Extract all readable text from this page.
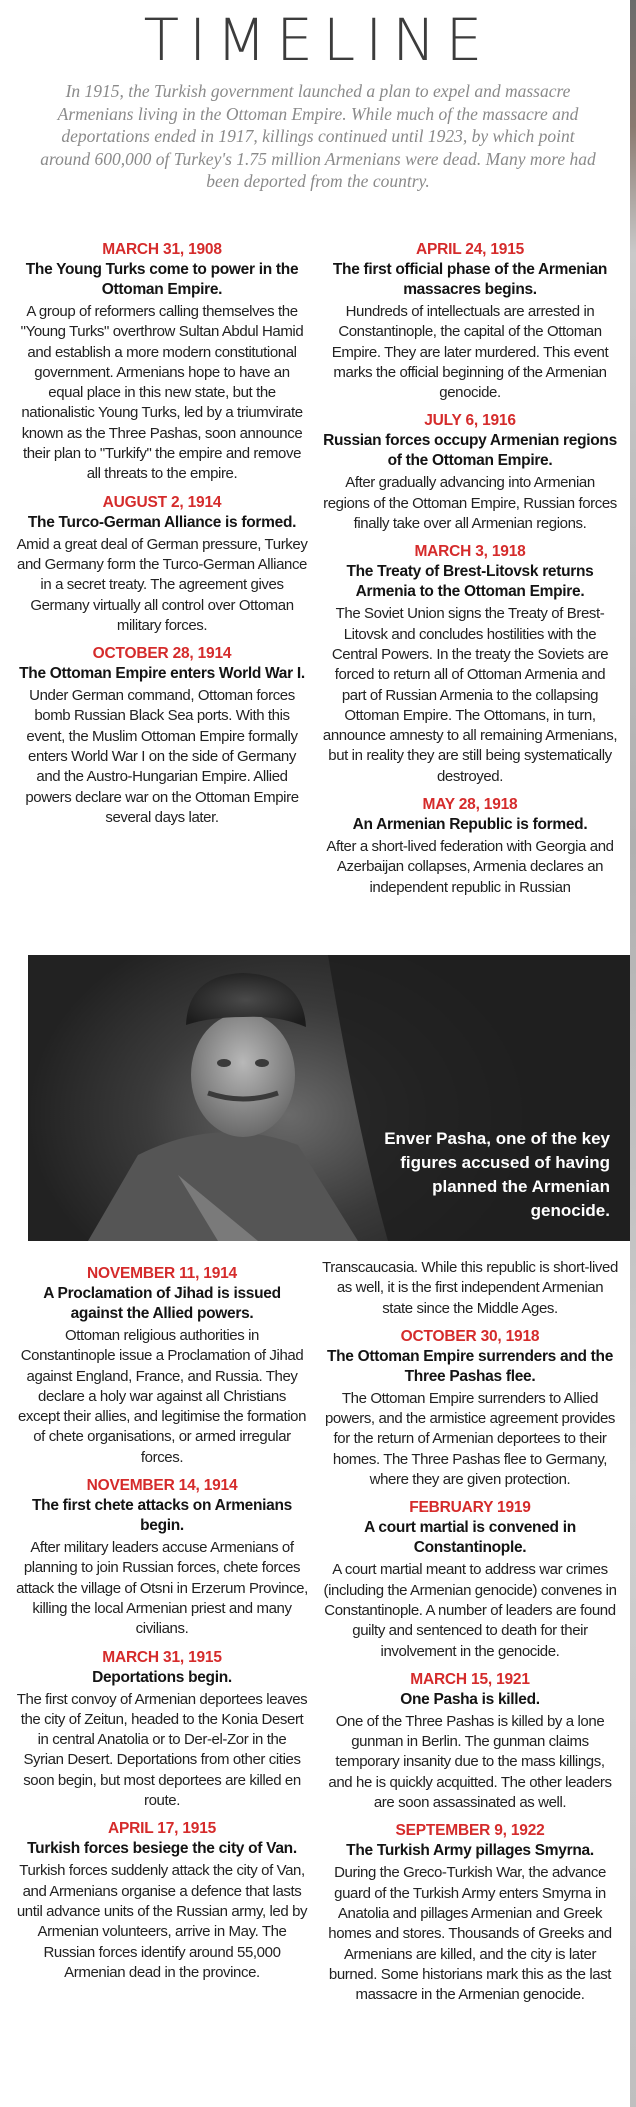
TIMELINE
In 1915, the Turkish government launched a plan to expel and massacre Armenians living in the Ottoman Empire. While much of the massacre and deportations ended in 1917, killings continued until 1923, by which point around 600,000 of Turkey's 1.75 million Armenians were dead. Many more had been deported from the country.
MARCH 31, 1908
The Young Turks come to power in the Ottoman Empire.
A group of reformers calling themselves the "Young Turks" overthrow Sultan Abdul Hamid and establish a more modern constitutional government. Armenians hope to have an equal place in this new state, but the nationalistic Young Turks, led by a triumvirate known as the Three Pashas, soon announce their plan to "Turkify" the empire and remove all threats to the empire.
AUGUST 2, 1914
The Turco-German Alliance is formed.
Amid a great deal of German pressure, Turkey and Germany form the Turco-German Alliance in a secret treaty. The agreement gives Germany virtually all control over Ottoman military forces.
OCTOBER 28, 1914
The Ottoman Empire enters World War I.
Under German command, Ottoman forces bomb Russian Black Sea ports. With this event, the Muslim Ottoman Empire formally enters World War I on the side of Germany and the Austro-Hungarian Empire. Allied powers declare war on the Ottoman Empire several days later.
APRIL 24, 1915
The first official phase of the Armenian massacres begins.
Hundreds of intellectuals are arrested in Constantinople, the capital of the Ottoman Empire. They are later murdered. This event marks the official beginning of the Armenian genocide.
JULY 6, 1916
Russian forces occupy Armenian regions of the Ottoman Empire.
After gradually advancing into Armenian regions of the Ottoman Empire, Russian forces finally take over all Armenian regions.
MARCH 3, 1918
The Treaty of Brest-Litovsk returns Armenia to the Ottoman Empire.
The Soviet Union signs the Treaty of Brest-Litovsk and concludes hostilities with the Central Powers. In the treaty the Soviets are forced to return all of Ottoman Armenia and part of Russian Armenia to the collapsing Ottoman Empire. The Ottomans, in turn, announce amnesty to all remaining Armenians, but in reality they are still being systematically destroyed.
MAY 28, 1918
An Armenian Republic is formed.
After a short-lived federation with Georgia and Azerbaijan collapses, Armenia declares an independent republic in Russian
Enver Pasha, one of the key figures accused of having planned the Armenian genocide.
NOVEMBER 11, 1914
A Proclamation of Jihad is issued against the Allied powers.
Ottoman religious authorities in Constantinople issue a Proclamation of Jihad against England, France, and Russia. They declare a holy war against all Christians except their allies, and legitimise the formation of chete organisations, or armed irregular forces.
NOVEMBER 14, 1914
The first chete attacks on Armenians begin.
After military leaders accuse Armenians of planning to join Russian forces, chete forces attack the village of Otsni in Erzerum Province, killing the local Armenian priest and many civilians.
MARCH 31, 1915
Deportations begin.
The first convoy of Armenian deportees leaves the city of Zeitun, headed to the Konia Desert in central Anatolia or to Der-el-Zor in the Syrian Desert. Deportations from other cities soon begin, but most deportees are killed en route.
APRIL 17, 1915
Turkish forces besiege the city of Van.
Turkish forces suddenly attack the city of Van, and Armenians organise a defence that lasts until advance units of the Russian army, led by Armenian volunteers, arrive in May. The Russian forces identify around 55,000 Armenian dead in the province.
Transcaucasia. While this republic is short-lived as well, it is the first independent Armenian state since the Middle Ages.
OCTOBER 30, 1918
The Ottoman Empire surrenders and the Three Pashas flee.
The Ottoman Empire surrenders to Allied powers, and the armistice agreement provides for the return of Armenian deportees to their homes. The Three Pashas flee to Germany, where they are given protection.
FEBRUARY 1919
A court martial is convened in Constantinople.
A court martial meant to address war crimes (including the Armenian genocide) convenes in Constantinople. A number of leaders are found guilty and sentenced to death for their involvement in the genocide.
MARCH 15, 1921
One Pasha is killed.
One of the Three Pashas is killed by a lone gunman in Berlin. The gunman claims temporary insanity due to the mass killings, and he is quickly acquitted. The other leaders are soon assassinated as well.
SEPTEMBER 9, 1922
The Turkish Army pillages Smyrna.
During the Greco-Turkish War, the advance guard of the Turkish Army enters Smyrna in Anatolia and pillages Armenian and Greek homes and stores. Thousands of Greeks and Armenians are killed, and the city is later burned. Some historians mark this as the last massacre in the Armenian genocide.
